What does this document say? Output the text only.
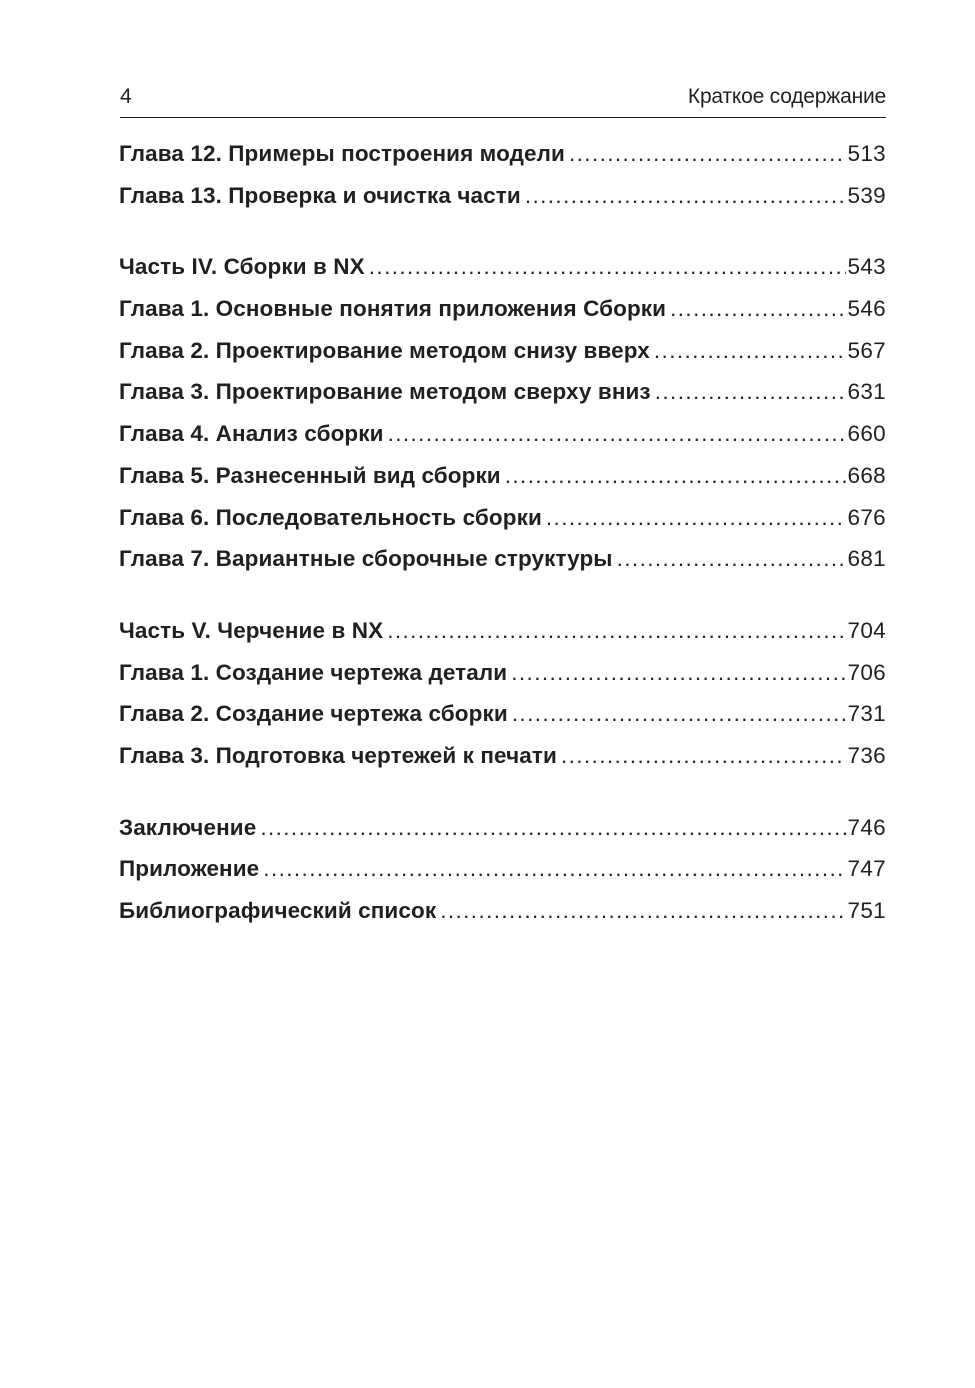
4	Краткое содержание
Глава 12. Примеры построения модели .....	513
Глава 13. Проверка и очистка части .....	539
Часть IV. Сборки в NX .....	543
Глава 1. Основные понятия приложения Сборки .....	546
Глава 2. Проектирование методом снизу вверх .....	567
Глава 3. Проектирование методом сверху вниз .....	631
Глава 4. Анализ сборки .....	660
Глава 5. Разнесенный вид сборки .....	668
Глава 6. Последовательность сборки .....	676
Глава 7. Вариантные сборочные структуры .....	681
Часть V. Черчение в NX .....	704
Глава 1. Создание чертежа детали .....	706
Глава 2. Создание чертежа сборки .....	731
Глава 3. Подготовка чертежей к печати .....	736
Заключение .....	746
Приложение .....	747
Библиографический список .....	751
